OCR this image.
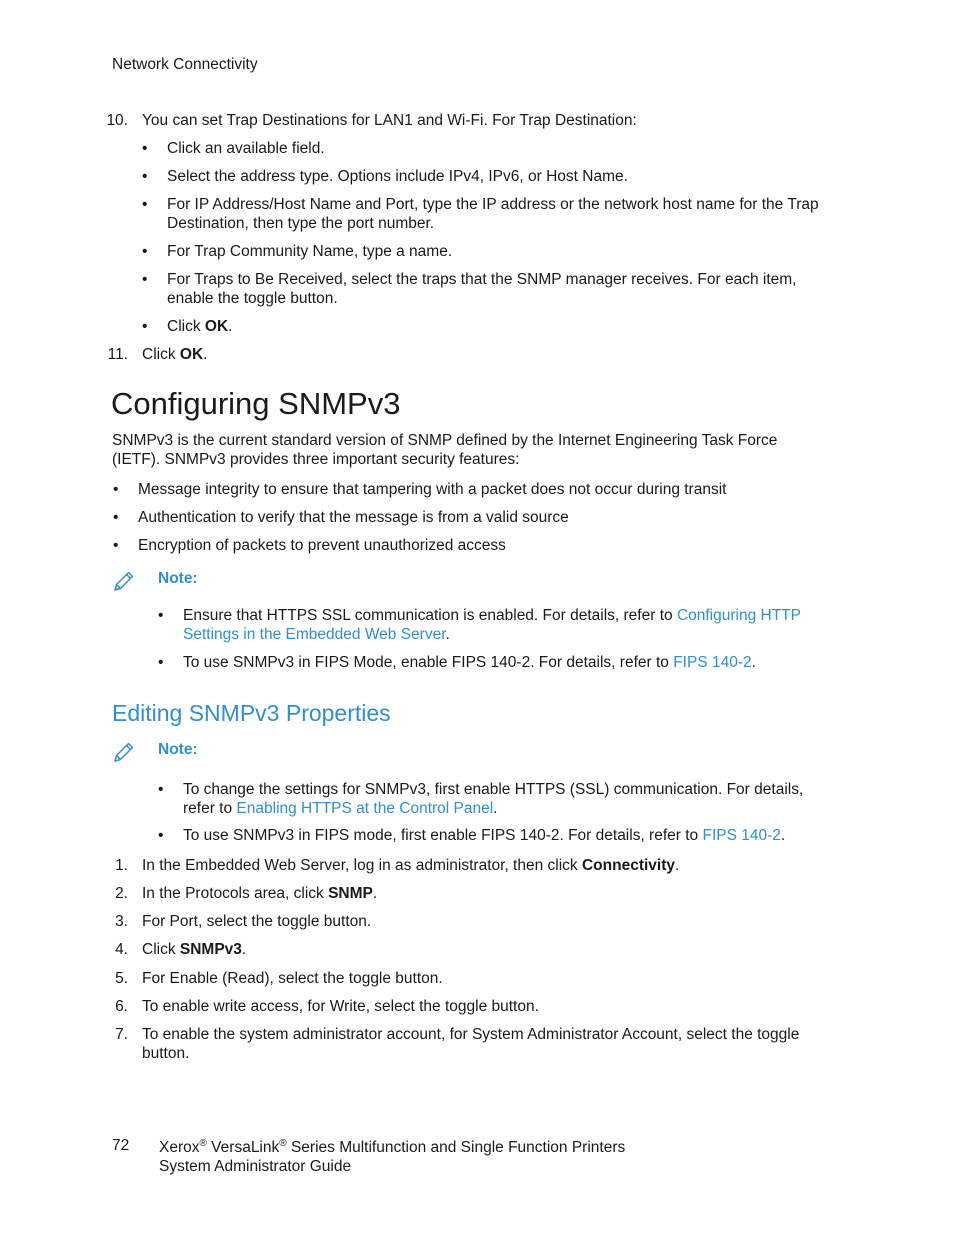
Network Connectivity
10. You can set Trap Destinations for LAN1 and Wi-Fi. For Trap Destination:
• Click an available field.
• Select the address type. Options include IPv4, IPv6, or Host Name.
• For IP Address/Host Name and Port, type the IP address or the network host name for the Trap Destination, then type the port number.
• For Trap Community Name, type a name.
• For Traps to Be Received, select the traps that the SNMP manager receives. For each item, enable the toggle button.
• Click OK.
11. Click OK.
Configuring SNMPv3
SNMPv3 is the current standard version of SNMP defined by the Internet Engineering Task Force (IETF). SNMPv3 provides three important security features:
• Message integrity to ensure that tampering with a packet does not occur during transit
• Authentication to verify that the message is from a valid source
• Encryption of packets to prevent unauthorized access
Note:
• Ensure that HTTPS SSL communication is enabled. For details, refer to Configuring HTTP Settings in the Embedded Web Server.
• To use SNMPv3 in FIPS Mode, enable FIPS 140-2. For details, refer to FIPS 140-2.
Editing SNMPv3 Properties
Note:
• To change the settings for SNMPv3, first enable HTTPS (SSL) communication. For details, refer to Enabling HTTPS at the Control Panel.
• To use SNMPv3 in FIPS mode, first enable FIPS 140-2. For details, refer to FIPS 140-2.
1. In the Embedded Web Server, log in as administrator, then click Connectivity.
2. In the Protocols area, click SNMP.
3. For Port, select the toggle button.
4. Click SNMPv3.
5. For Enable (Read), select the toggle button.
6. To enable write access, for Write, select the toggle button.
7. To enable the system administrator account, for System Administrator Account, select the toggle button.
72 Xerox® VersaLink® Series Multifunction and Single Function Printers
System Administrator Guide
